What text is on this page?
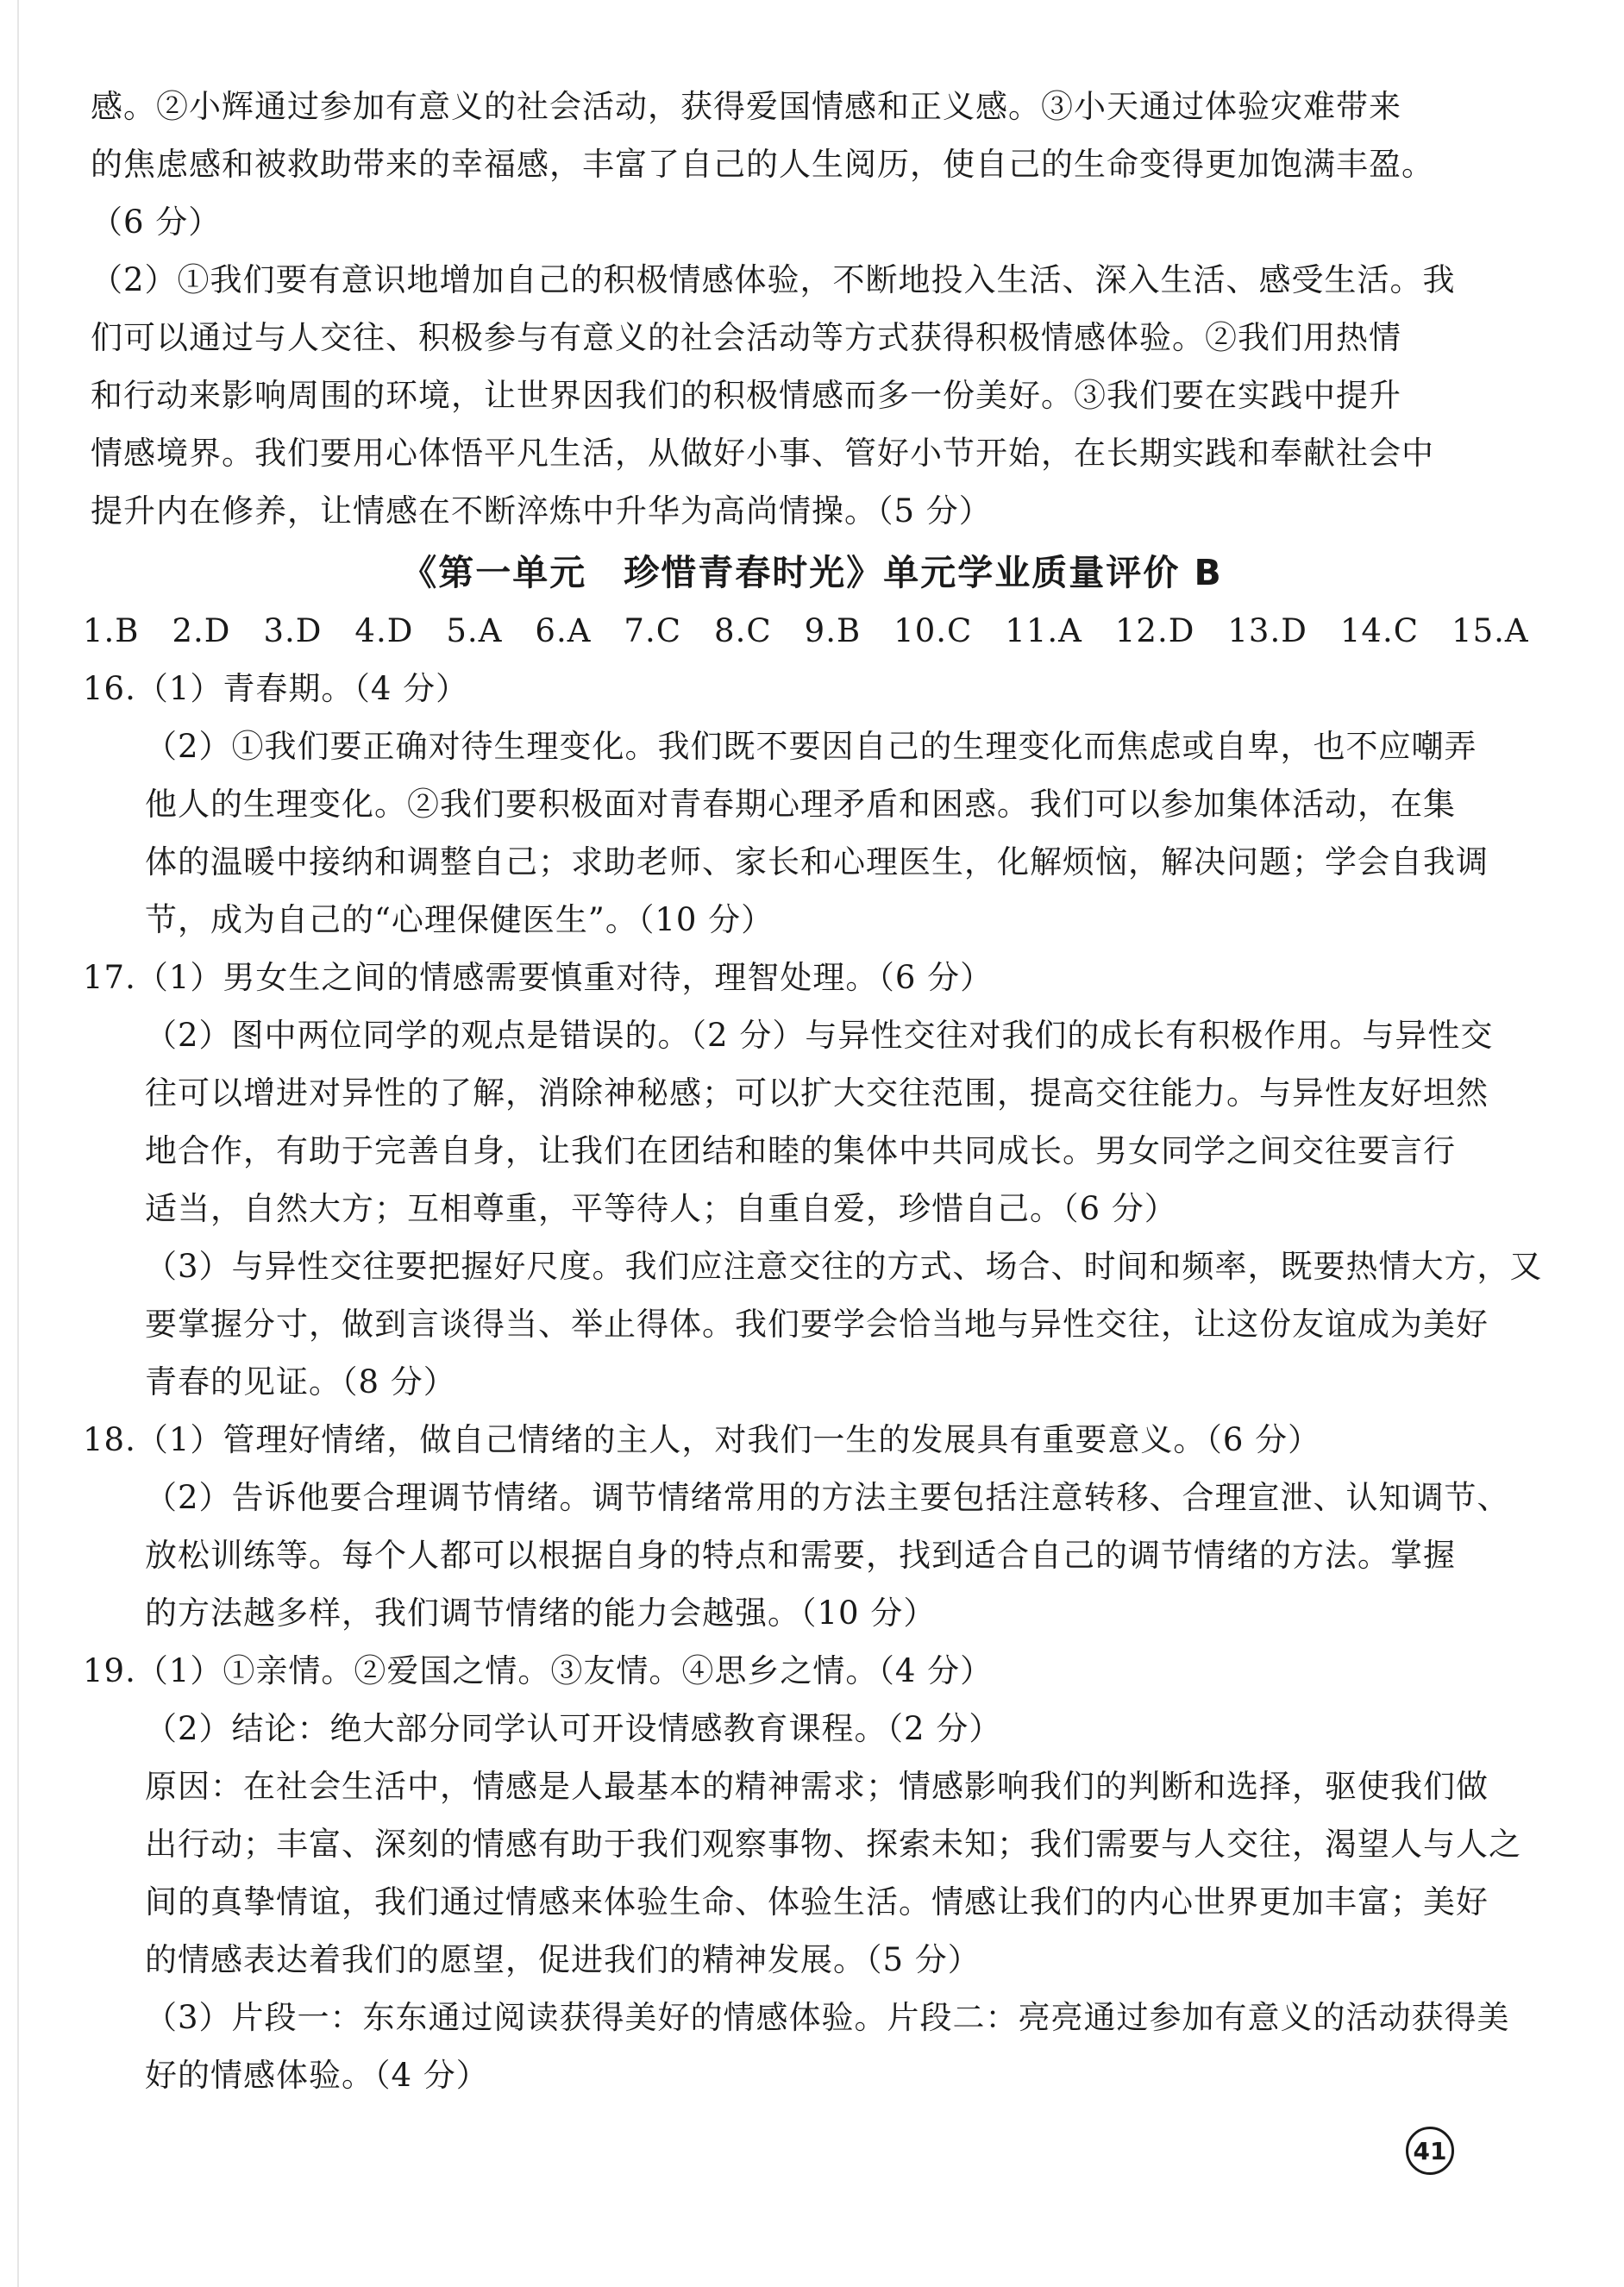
感。②小辉通过参加有意义的社会活动，获得爱国情感和正义感。③小天通过体验灾难带来
的焦虑感和被救助带来的幸福感，丰富了自己的人生阅历，使自己的生命变得更加饱满丰盈。
（6 分）
（2）①我们要有意识地增加自己的积极情感体验，不断地投入生活、深入生活、感受生活。我
们可以通过与人交往、积极参与有意义的社会活动等方式获得积极情感体验。②我们用热情
和行动来影响周围的环境，让世界因我们的积极情感而多一份美好。③我们要在实践中提升
情感境界。我们要用心体悟平凡生活，从做好小事、管好小节开始，在长期实践和奉献社会中
提升内在修养，让情感在不断淬炼中升华为高尚情操。（5 分）
《第一单元　珍惜青春时光》单元学业质量评价 B
1.B　2.D　3.D　4.D　5.A　6.A　7.C　8.C　9.B　10.C　11.A　12.D　13.D　14.C　15.A
16.（1）青春期。（4 分）
（2）①我们要正确对待生理变化。我们既不要因自己的生理变化而焦虑或自卑，也不应嘲弄
他人的生理变化。②我们要积极面对青春期心理矛盾和困惑。我们可以参加集体活动，在集
体的温暖中接纳和调整自己；求助老师、家长和心理医生，化解烦恼，解决问题；学会自我调
节，成为自己的“心理保健医生”。（10 分）
17.（1）男女生之间的情感需要慎重对待，理智处理。（6 分）
（2）图中两位同学的观点是错误的。（2 分）与异性交往对我们的成长有积极作用。与异性交
往可以增进对异性的了解，消除神秘感；可以扩大交往范围，提高交往能力。与异性友好坦然
地合作，有助于完善自身，让我们在团结和睦的集体中共同成长。男女同学之间交往要言行
适当，自然大方；互相尊重，平等待人；自重自爱，珍惜自己。（6 分）
（3）与异性交往要把握好尺度。我们应注意交往的方式、场合、时间和频率，既要热情大方，又
要掌握分寸，做到言谈得当、举止得体。我们要学会恰当地与异性交往，让这份友谊成为美好
青春的见证。（8 分）
18.（1）管理好情绪，做自己情绪的主人，对我们一生的发展具有重要意义。（6 分）
（2）告诉他要合理调节情绪。调节情绪常用的方法主要包括注意转移、合理宣泄、认知调节、
放松训练等。每个人都可以根据自身的特点和需要，找到适合自己的调节情绪的方法。掌握
的方法越多样，我们调节情绪的能力会越强。（10 分）
19.（1）①亲情。②爱国之情。③友情。④思乡之情。（4 分）
（2）结论：绝大部分同学认可开设情感教育课程。（2 分）
原因：在社会生活中，情感是人最基本的精神需求；情感影响我们的判断和选择，驱使我们做
出行动；丰富、深刻的情感有助于我们观察事物、探索未知；我们需要与人交往，渴望人与人之
间的真挚情谊，我们通过情感来体验生命、体验生活。情感让我们的内心世界更加丰富；美好
的情感表达着我们的愿望，促进我们的精神发展。（5 分）
（3）片段一：东东通过阅读获得美好的情感体验。片段二：亮亮通过参加有意义的活动获得美
好的情感体验。（4 分）
41
